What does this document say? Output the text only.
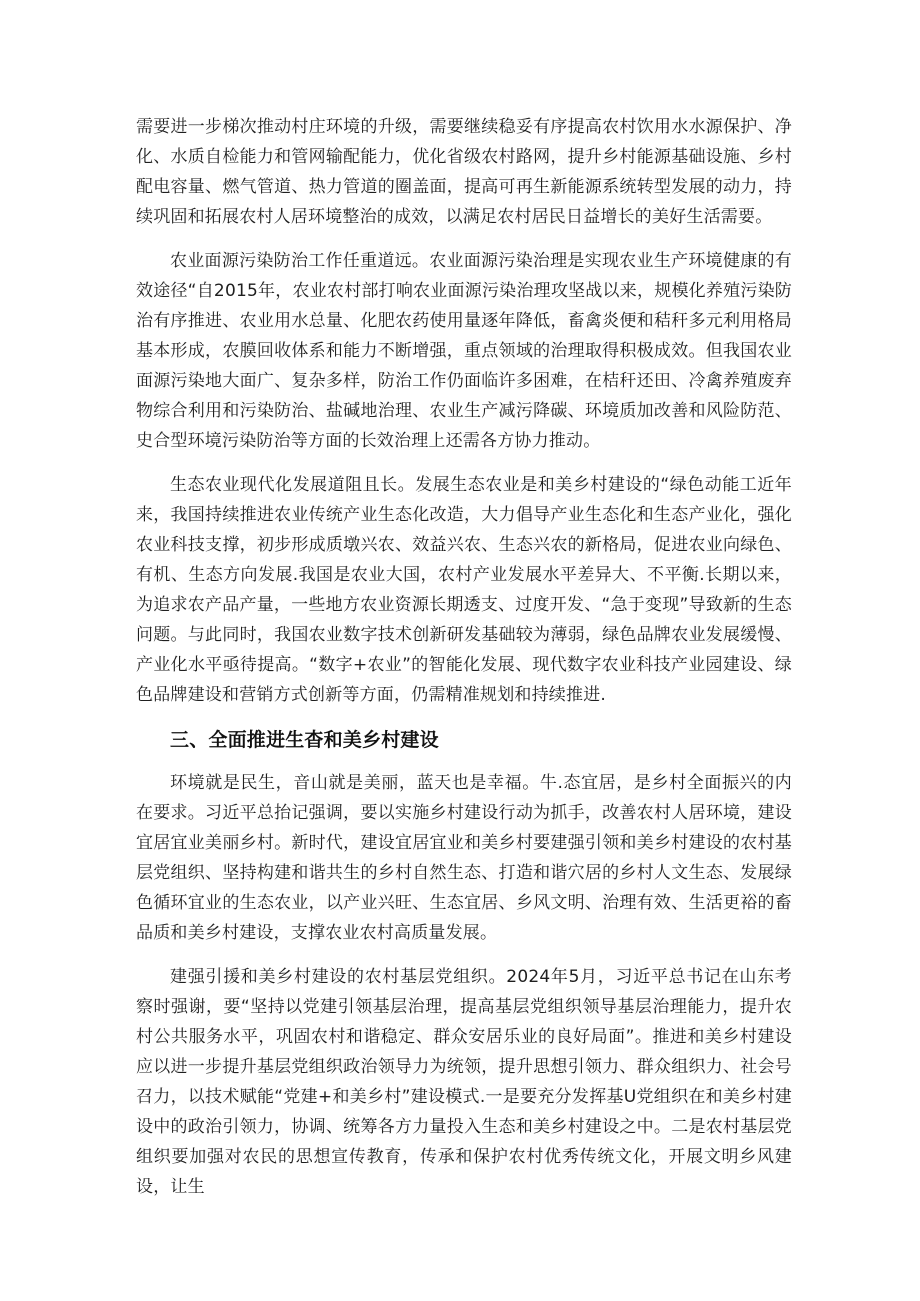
需要进一步梯次推动村庄环境的升级，需要继续稳妥有序提高农村饮用水水源保护、净化、水质自检能力和管网输配能力，优化省级农村路网，提升乡村能源基础设施、乡村配电容量、燃气管道、热力管道的圈盖面，提高可再生新能源系统转型发展的动力，持续巩固和拓展农村人居环境整治的成效，以满足农村居民日益增长的美好生活需要。

农业面源污染防治工作任重道远。农业面源污染治理是实现农业生产环境健康的有效途径“自2015年，农业农村部打响农业面源污染治理攻坚战以来，规模化养殖污染防治有序推进、农业用水总量、化肥农药使用量逐年降低，畜禽炎便和秸秆多元利用格局基本形成，农膜回收体系和能力不断增强，重点领域的治理取得积极成效。但我国农业面源污染地大面广、复杂多样，防治工作仍面临许多困难，在桔秆还田、冷禽养殖废弃物综合利用和污染防治、盐碱地治理、农业生产减污降碳、环境质加改善和风险防范、史合型环境污染防治等方面的长效治理上还需各方协力推动。

生态农业现代化发展道阻且长。发展生态农业是和美乡村建设的“绿色动能工近年来，我国持续推进农业传统产业生态化改造，大力倡导产业生态化和生态产业化，强化农业科技支撑，初步形成质墩兴农、效益兴农、生态兴农的新格局，促进农业向绿色、有机、生态方向发展.我国是农业大国，农村产业发展水平差异大、不平衡.长期以来，为追求农产品产量，一些地方农业资源长期透支、过度开发、“急于变现”导致新的生态问题。与此同时，我国农业数字技术创新研发基础较为薄弱，绿色品牌农业发展缓慢、产业化水平亟待提高。“数字+农业”的智能化发展、现代数字农业科技产业园建设、绿色品牌建设和营销方式创新等方面，仍需精准规划和持续推进.

三、全面推进生杳和美乡村建设

环境就是民生，音山就是美丽，蓝天也是幸福。牛.态宜居，是乡村全面振兴的内在要求。习近平总抬记强调，要以实施乡村建设行动为抓手，改善农村人居环境，建设宜居宜业美丽乡村。新时代，建设宜居宜业和美乡村要建强引领和美乡村建设的农村基层党组织、坚持构建和谐共生的乡村自然生态、打造和谐穴居的乡村人文生态、发展绿色循环宜业的生态农业，以产业兴旺、生态宜居、乡风文明、治理有效、生活更裕的畜品质和美乡村建设，支撑农业农村高质量发展。

建强引援和美乡村建设的农村基层党组织。2024年5月，习近平总书记在山东考察时强谢，要“坚持以党建引领基层治理，提高基层党组织领导基层治理能力，提升农村公共服务水平，巩固农村和谐稳定、群众安居乐业的良好局面”。推进和美乡村建设应以进一步提升基层党组织政治领导力为统领，提升思想引领力、群众组织力、社会号召力，以技术赋能“党建+和美乡村”建设模式.一是要充分发挥基U党组织在和美乡村建设中的政治引领力，协调、统筹各方力量投入生态和美乡村建设之中。二是农村基层党组织要加强对农民的思想宣传教育，传承和保护农村优秀传统文化，开展文明乡风建设，让生
